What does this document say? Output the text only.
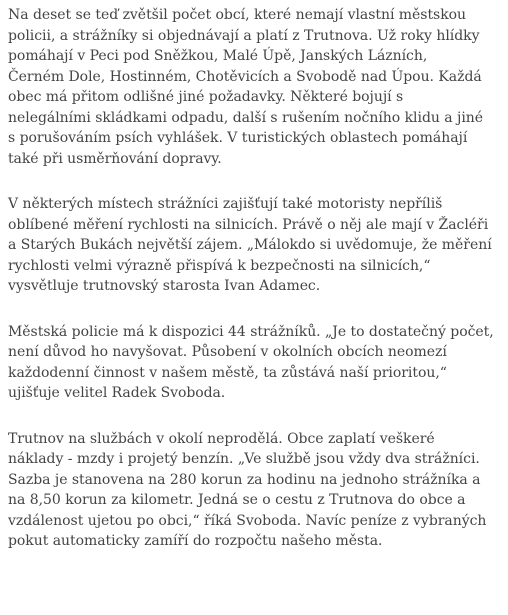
Na deset se teď zvětšil počet obcí, které nemají vlastní městskou
policii, a strážníky si objednávají a platí z Trutnova. Už roky hlídky
pomáhají v Peci pod Sněžkou, Malé Úpě, Janských Lázních,
Černém Dole, Hostinném, Chotěvicích a Svobodě nad Úpou. Každá
obec má přitom odlišné jiné požadavky. Některé bojují s
nelegálními skládkami odpadu, další s rušením nočního klidu a jiné
s porušováním psích vyhlášek. V turistických oblastech pomáhají
také při usměrňování dopravy.

V některých místech strážníci zajišťují také motoristy nepříliš
oblíbené měření rychlosti na silnicích. Právě o něj ale mají v Žacléři
a Starých Bukách největší zájem. „Málokdo si uvědomuje, že měření
rychlosti velmi výrazně přispívá k bezpečnosti na silnicích,“
vysvětluje trutnovský starosta Ivan Adamec.

Městská policie má k dispozici 44 strážníků. „Je to dostatečný počet,
není důvod ho navyšovat. Působení v okolních obcích neomezí
každodenní činnost v našem městě, ta zůstává naší prioritou,“
ujišťuje velitel Radek Svoboda.

Trutnov na službách v okolí neprodělá. Obce zaplatí veškeré
náklady - mzdy i projetý benzín. „Ve službě jsou vždy dva strážníci.
Sazba je stanovena na 280 korun za hodinu na jednoho strážníka a
na 8,50 korun za kilometr. Jedná se o cestu z Trutnova do obce a
vzdálenost ujetou po obci,“ říká Svoboda. Navíc peníze z vybraných
pokut automaticky zamíří do rozpočtu našeho města.
